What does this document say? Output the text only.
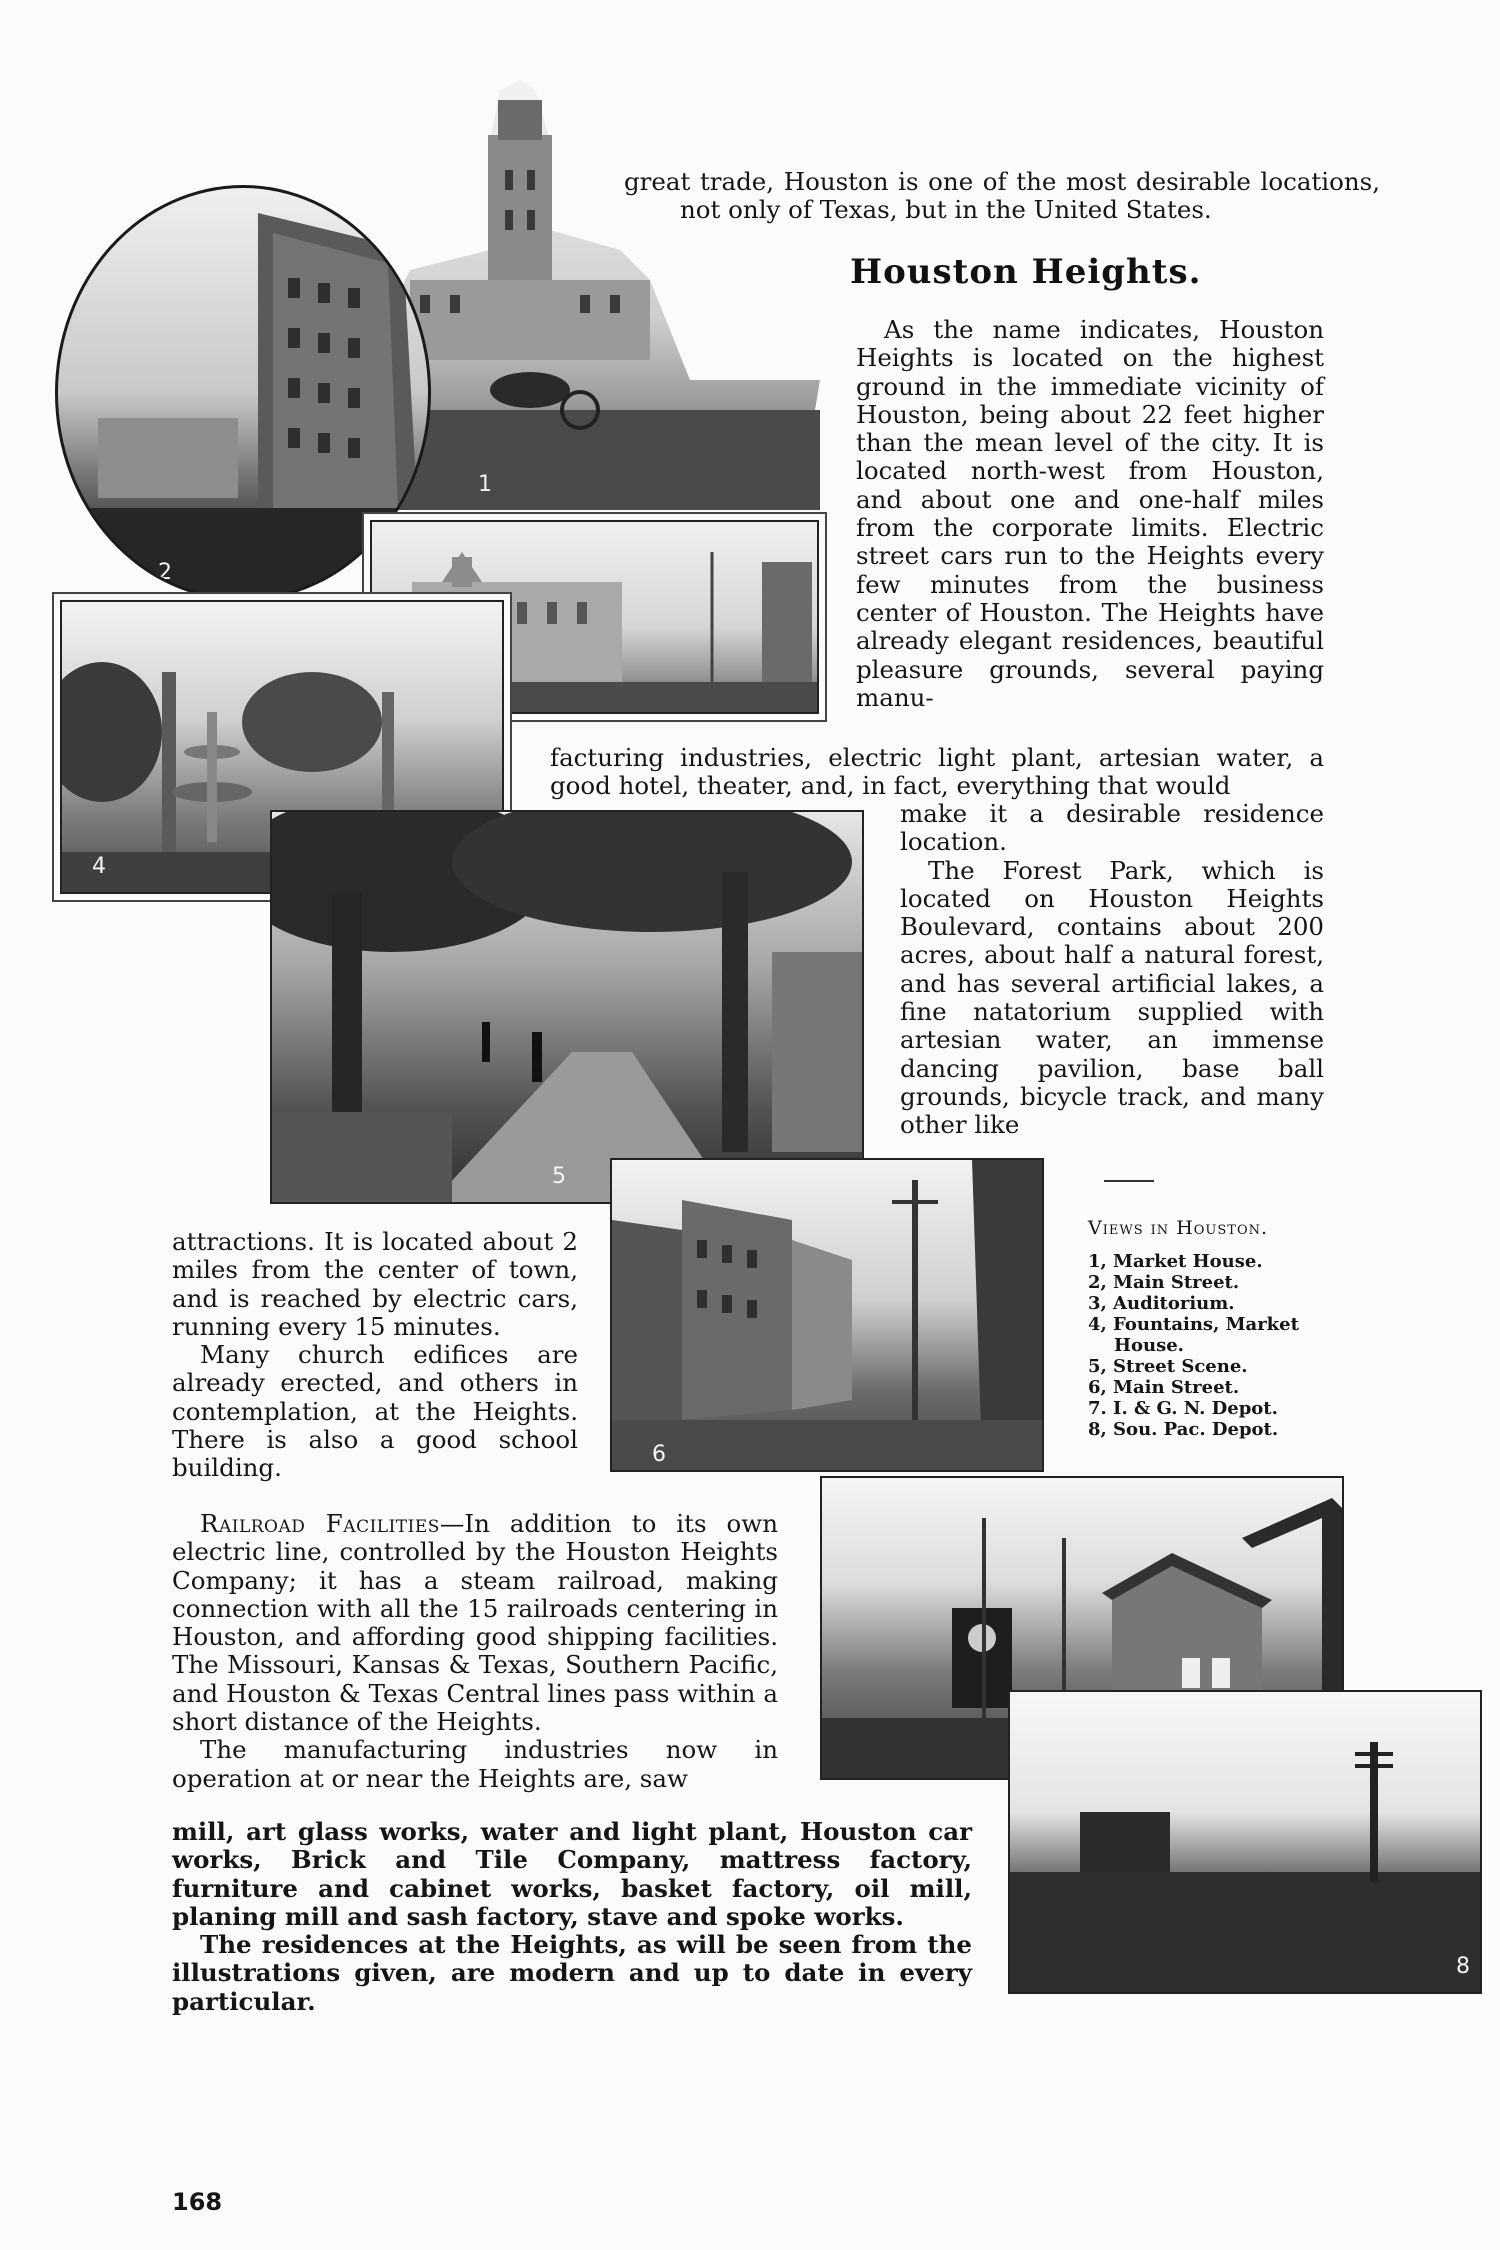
1
2
4
5
6
8

great trade, Houston is one of the most desirable locations, not only of Texas, but in the United States.

Houston Heights.

As the name indicates, Houston Heights is located on the highest ground in the immediate vicinity of Houston, being about 22 feet higher than the mean level of the city. It is located north-west from Houston, and about one and one-half miles from the corporate limits. Electric street cars run to the Heights every few minutes from the business center of Houston. The Heights have already elegant residences, beautiful pleasure grounds, several paying manu-

facturing industries, electric light plant, artesian water, a good hotel, theater, and, in fact, everything that would

make it a desirable residence location.

The Forest Park, which is located on Houston Heights Boulevard, contains about 200 acres, about half a natural forest, and has several artificial lakes, a fine natatorium supplied with artesian water, an immense dancing pavilion, base ball grounds, bicycle track, and many other like

Views in Houston.
1, Market House.
2, Main Street.
3, Auditorium.
4, Fountains, Market House.
5, Street Scene.
6, Main Street.
7. I. & G. N. Depot.
8, Sou. Pac. Depot.

attractions. It is located about 2 miles from the center of town, and is reached by electric cars, running every 15 minutes.

Many church edifices are already erected, and others in contemplation, at the Heights. There is also a good school building.

Railroad Facilities—In addition to its own electric line, controlled by the Houston Heights Company; it has a steam railroad, making connection with all the 15 railroads centering in Houston, and affording good shipping facilities. The Missouri, Kansas & Texas, Southern Pacific, and Houston & Texas Central lines pass within a short distance of the Heights.

The manufacturing industries now in operation at or near the Heights are, saw

mill, art glass works, water and light plant, Houston car works, Brick and Tile Company, mattress factory, furniture and cabinet works, basket factory, oil mill, planing mill and sash factory, stave and spoke works.

The residences at the Heights, as will be seen from the illustrations given, are modern and up to date in every particular.

168
